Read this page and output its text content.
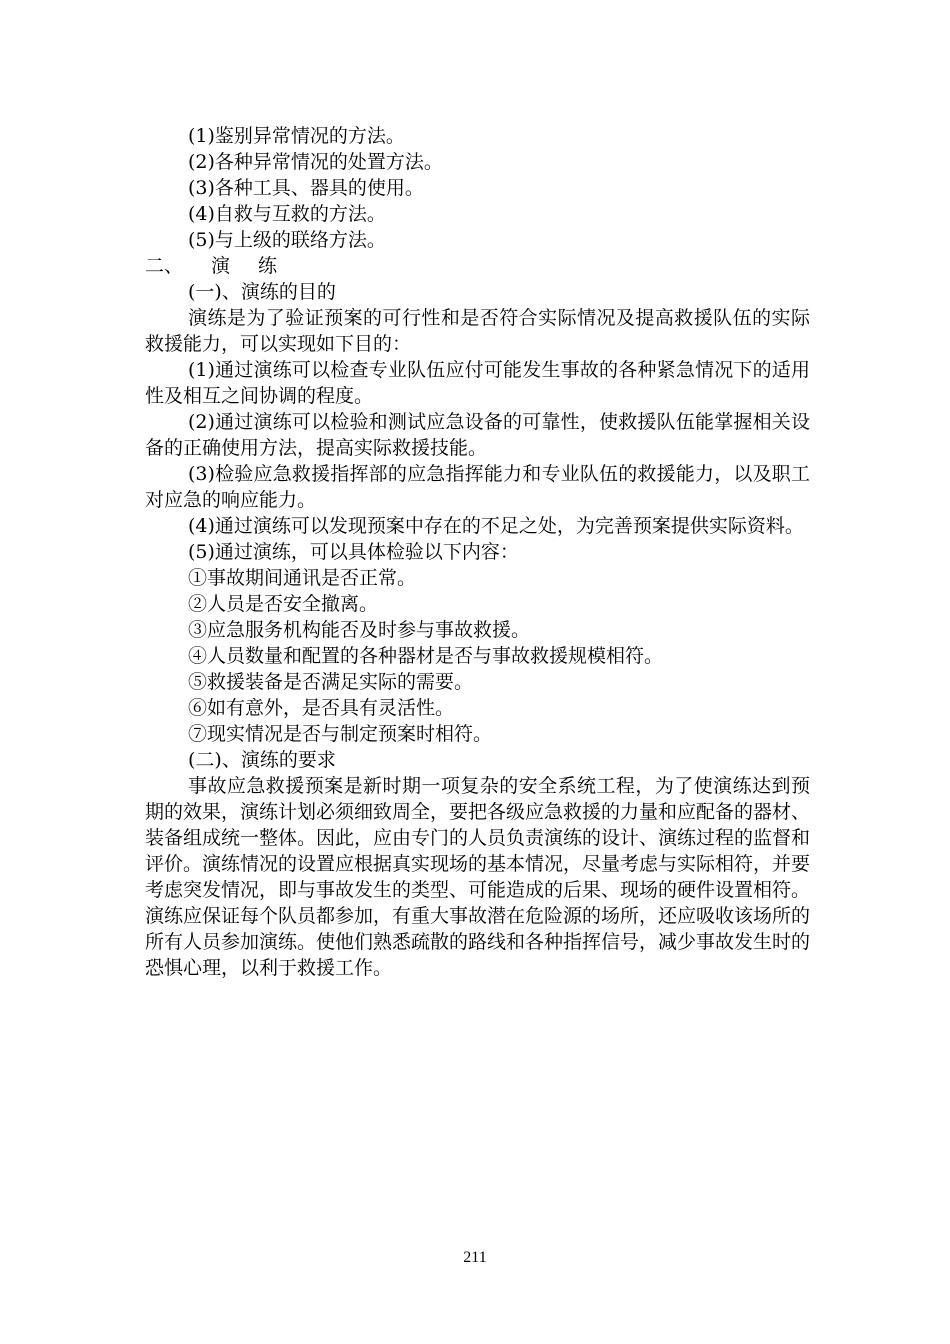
(1)鉴别异常情况的方法。

(2)各种异常情况的处置方法。

(3)各种工具、器具的使用。

(4)自救与互救的方法。

(5)与上级的联络方法。

二、 演 练

(一)、演练的目的

演练是为了验证预案的可行性和是否符合实际情况及提高救援队伍的实际救援能力，可以实现如下目的：

(1)通过演练可以检查专业队伍应付可能发生事故的各种紧急情况下的适用性及相互之间协调的程度。

(2)通过演练可以检验和测试应急设备的可靠性，使救援队伍能掌握相关设备的正确使用方法，提高实际救援技能。

(3)检验应急救援指挥部的应急指挥能力和专业队伍的救援能力，以及职工对应急的响应能力。

(4)通过演练可以发现预案中存在的不足之处，为完善预案提供实际资料。

(5)通过演练，可以具体检验以下内容：

①事故期间通讯是否正常。

②人员是否安全撤离。

③应急服务机构能否及时参与事故救援。

④人员数量和配置的各种器材是否与事故救援规模相符。

⑤救援装备是否满足实际的需要。

⑥如有意外，是否具有灵活性。

⑦现实情况是否与制定预案时相符。

(二)、演练的要求

事故应急救援预案是新时期一项复杂的安全系统工程，为了使演练达到预期的效果，演练计划必须细致周全，要把各级应急救援的力量和应配备的器材、装备组成统一整体。因此，应由专门的人员负责演练的设计、演练过程的监督和评价。演练情况的设置应根据真实现场的基本情况，尽量考虑与实际相符，并要考虑突发情况，即与事故发生的类型、可能造成的后果、现场的硬件设置相符。演练应保证每个队员都参加，有重大事故潜在危险源的场所，还应吸收该场所的所有人员参加演练。使他们熟悉疏散的路线和各种指挥信号，减少事故发生时的恐惧心理，以利于救援工作。

211
